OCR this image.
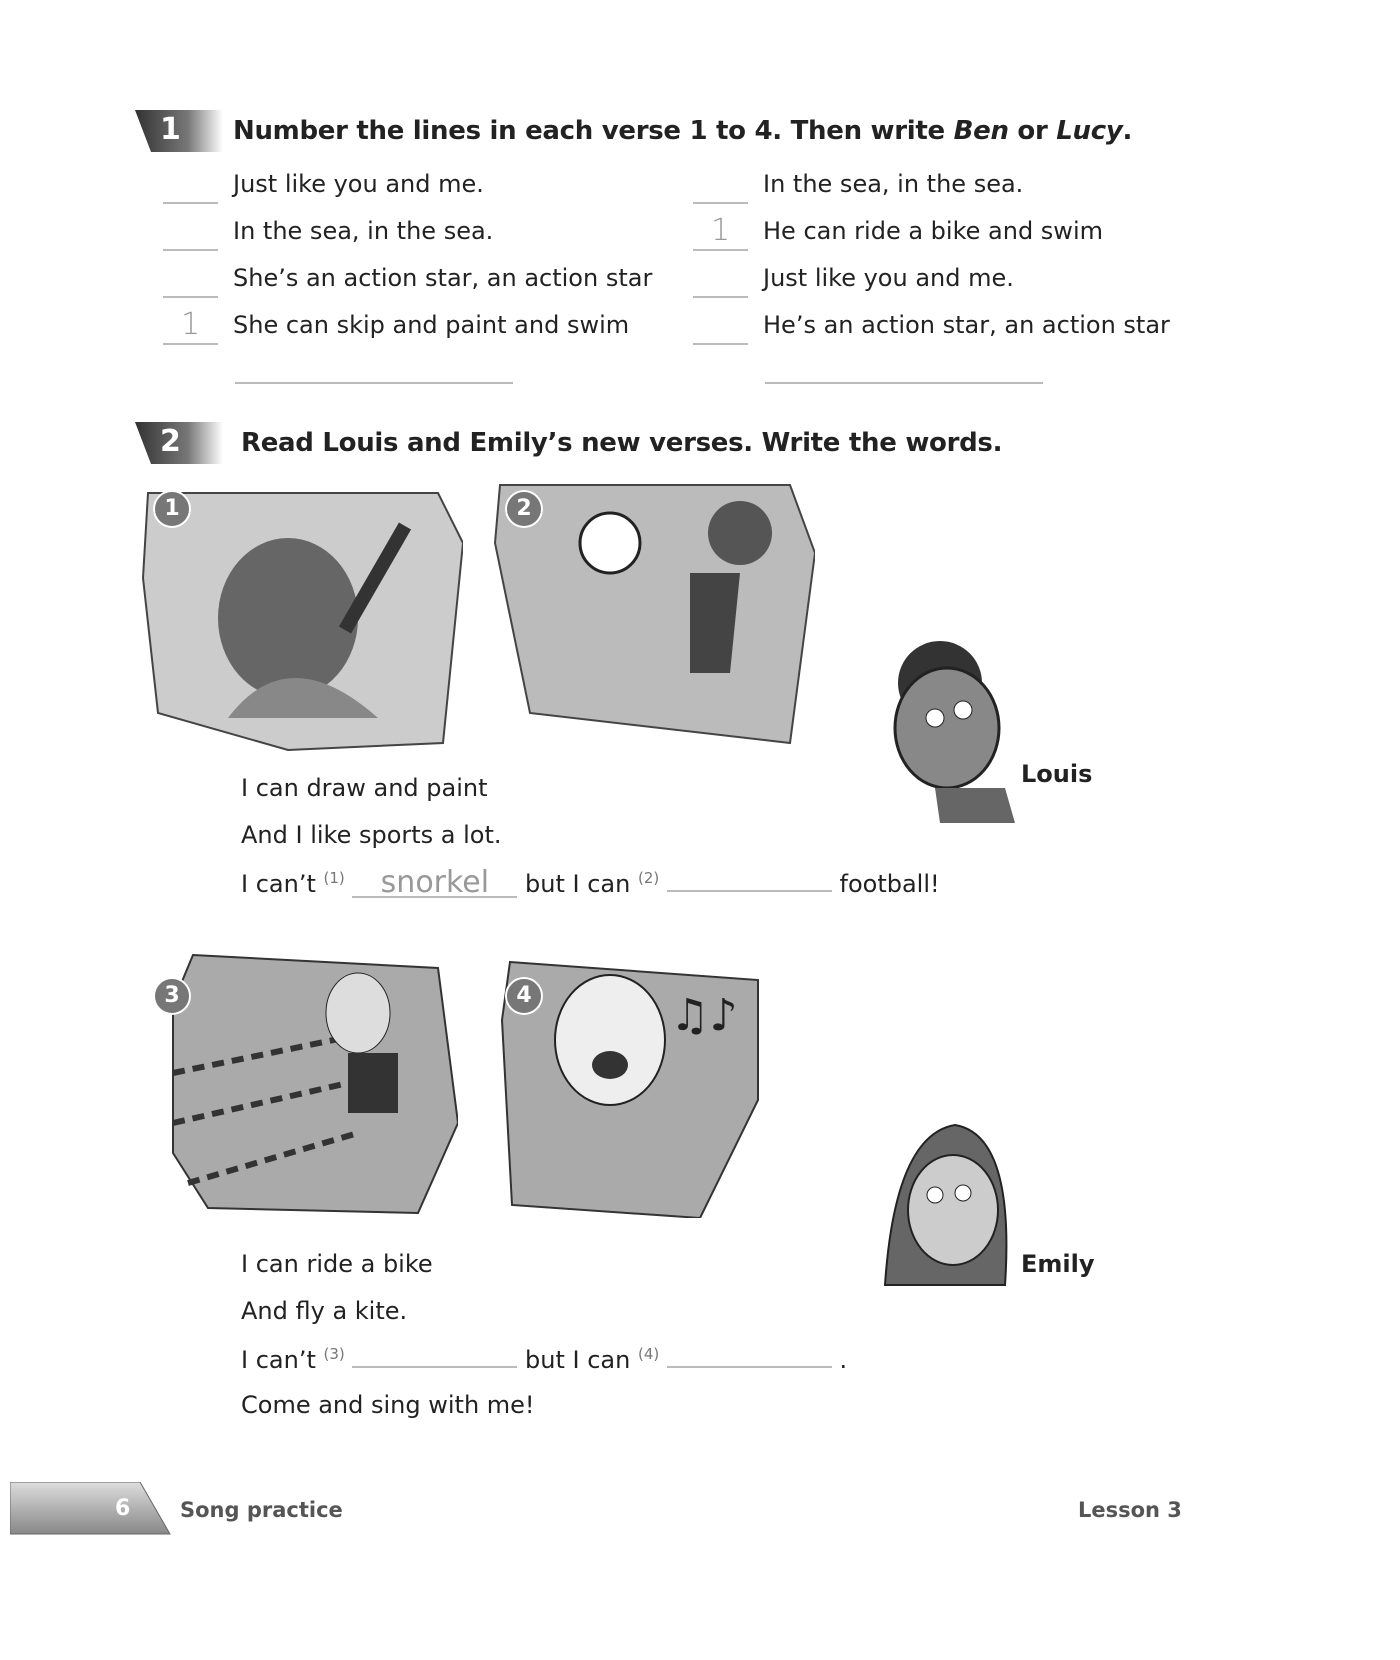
1 Number the lines in each verse 1 to 4. Then write Ben or Lucy.
Just like you and me.
In the sea, in the sea.
She’s an action star, an action star
1 She can skip and paint and swim
In the sea, in the sea.
1 He can ride a bike and swim
Just like you and me.
He’s an action star, an action star
2 Read Louis and Emily’s new verses. Write the words.
1	2
Louis
I can draw and paint
And I like sports a lot.
I can’t $^{(1)}$ snorkel but I can $^{(2)}$	football!
3	♫♪
4
Emily
I can ride a bike
And fly a kite.
I can’t $^{(3)}$	but I can $^{(4)}$	.
Come and sing with me!
6 Song practice	Lesson 3
